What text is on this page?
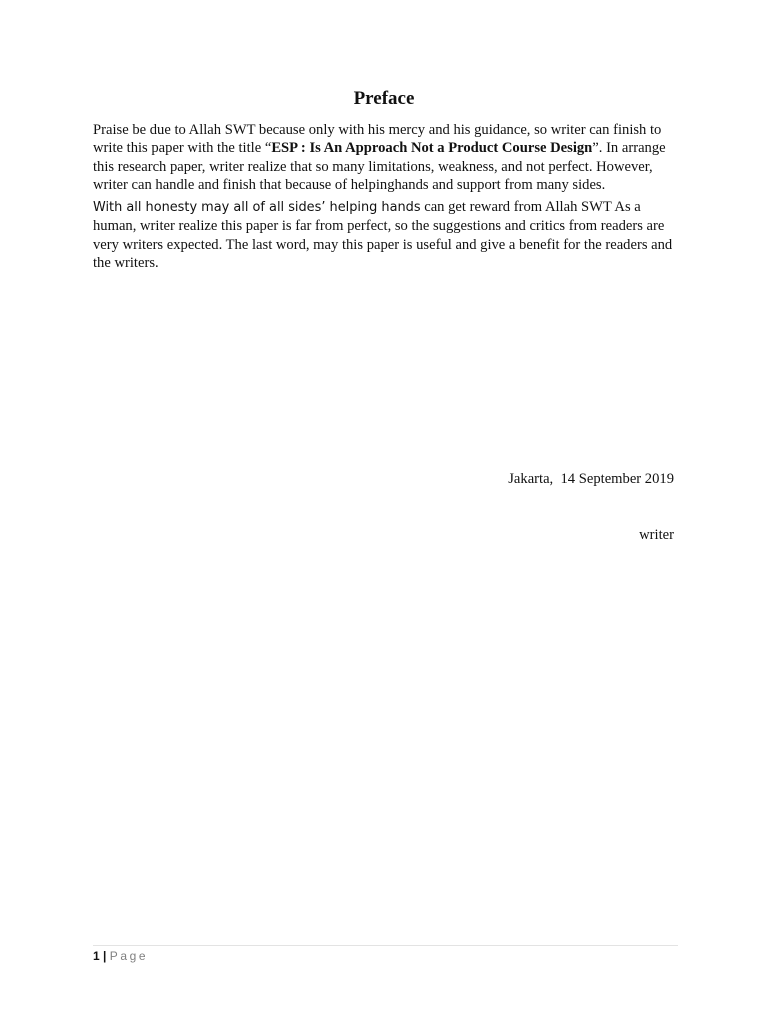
Preface

Praise be due to Allah SWT because only with his mercy and his guidance, so writer can finish to write this paper with the title “ESP : Is An Approach Not a Product Course Design”. In arrange this research paper, writer realize that so many limitations, weakness, and not perfect. However, writer can handle and finish that because of helpinghands and support from many sides.

With all honesty may all of all sides’ helping hands can get reward from Allah SWT As a human, writer realize this paper is far from perfect, so the suggestions and critics from readers are very writers expected. The last word, may this paper is useful and give a benefit for the readers and the writers.

Jakarta,  14 September 2019

writer

1 | Page
